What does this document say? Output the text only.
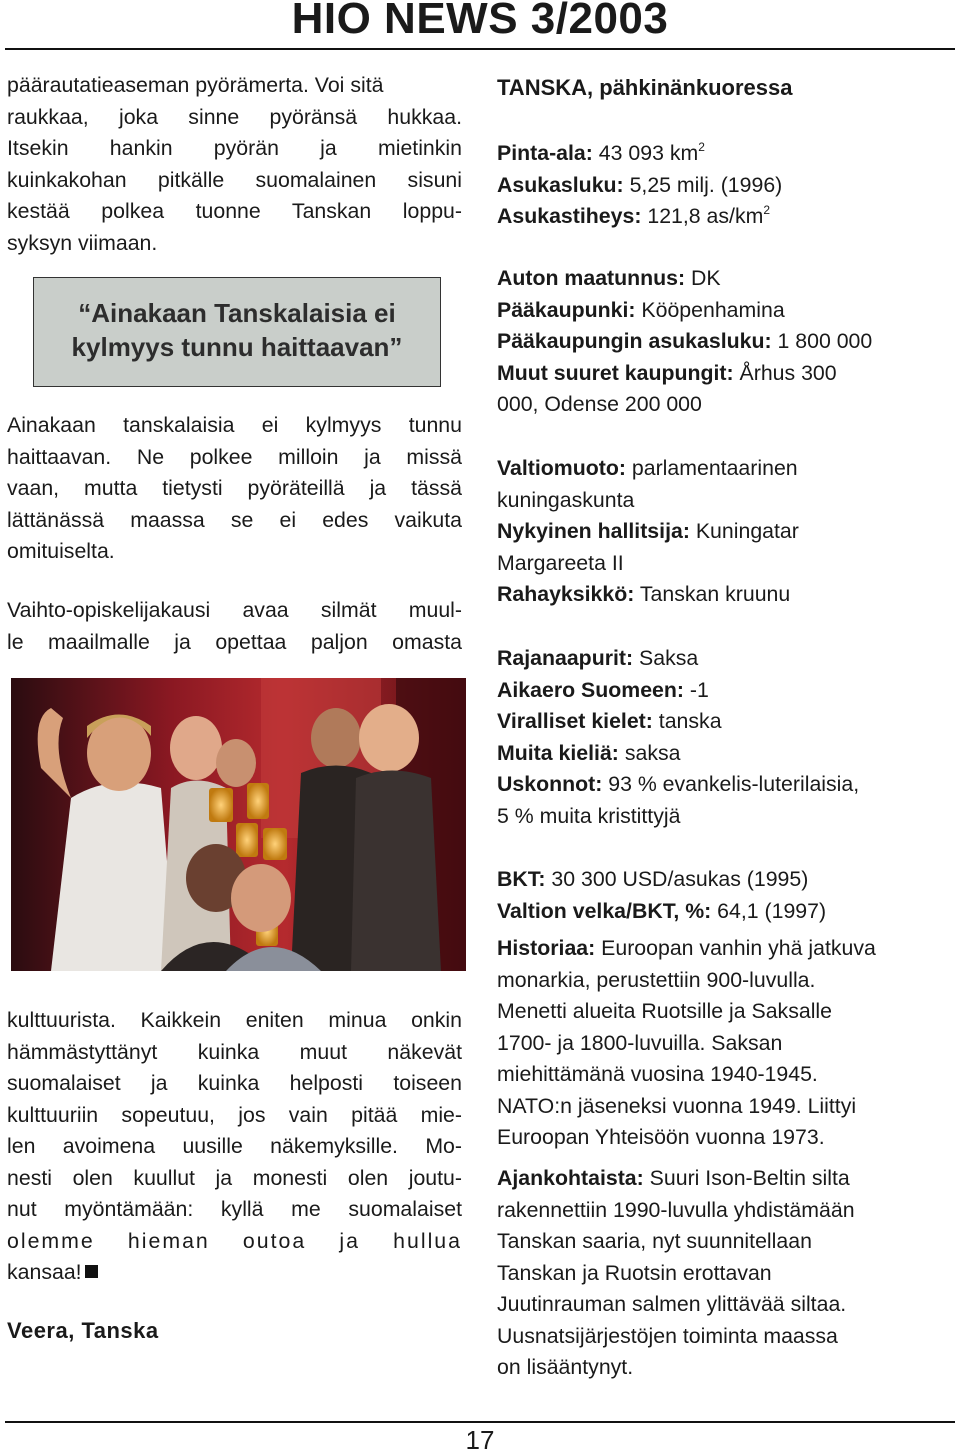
HIO NEWS 3/2003

päärautatieaseman pyörämerta. Voi sitä

raukkaa, joka sinne pyöränsä hukkaa.

Itsekin hankin pyörän ja mietinkin

kuinkakohan pitkälle suomalainen sisuni

kestää polkea tuonne Tanskan loppu-

syksyn viimaan.

“Ainakaan Tanskalaisia ei
kylmyys tunnu haittaavan”

Ainakaan tanskalaisia ei kylmyys tunnu

haittaavan. Ne polkee milloin ja missä

vaan, mutta tietysti pyöräteillä ja tässä

lättänässä maassa se ei edes vaikuta

omituiselta.

Vaihto-opiskelijakausi avaa silmät muul-

le maailmalle ja opettaa paljon omasta

kulttuurista. Kaikkein eniten minua onkin

hämmästyttänyt kuinka muut näkevät

suomalaiset ja kuinka helposti toiseen

kulttuuriin sopeutuu, jos vain pitää mie-

len avoimena uusille näkemyksille. Mo-

nesti olen kuullut ja monesti olen joutu-

nut myöntämään: kyllä me suomalaiset

olemme hieman outoa ja hullua

kansaa!

Veera, Tanska
TANSKA, pähkinänkuoressa
Pinta-ala: 43 093 $km^2$
Asukasluku: 5,25 milj. (1996)
Asukastiheys: 121,8 $as/km^2$
Auton maatunnus: DK
Pääkaupunki: Kööpenhamina
Pääkaupungin asukasluku: 1 800 000
Muut suuret kaupungit: Århus 300
000, Odense 200 000
Valtiomuoto: parlamentaarinen
kuningaskunta
Nykyinen hallitsija: Kuningatar
Margareeta II
Rahayksikkö: Tanskan kruunu
Rajanaapurit: Saksa
Aikaero Suomeen: -1
Viralliset kielet: tanska
Muita kieliä: saksa
Uskonnot: 93 % evankelis-luterilaisia,
5 % muita kristittyjä
BKT: 30 300 USD/asukas (1995)
Valtion velka/BKT, %: 64,1 (1997)
Historiaa: Euroopan vanhin yhä jatkuva
monarkia, perustettiin 900-luvulla.
Menetti alueita Ruotsille ja Saksalle
1700- ja 1800-luvuilla. Saksan
miehittämänä vuosina 1940-1945.
NATO:n jäseneksi vuonna 1949. Liittyi
Euroopan Yhteisöön vuonna 1973.
Ajankohtaista: Suuri Ison-Beltin silta
rakennettiin 1990-luvulla yhdistämään
Tanskan saaria, nyt suunnitellaan
Tanskan ja Ruotsin erottavan
Juutinrauman salmen ylittävää siltaa.
Uusnatsijärjestöjen toiminta maassa
on lisääntynyt.
17
